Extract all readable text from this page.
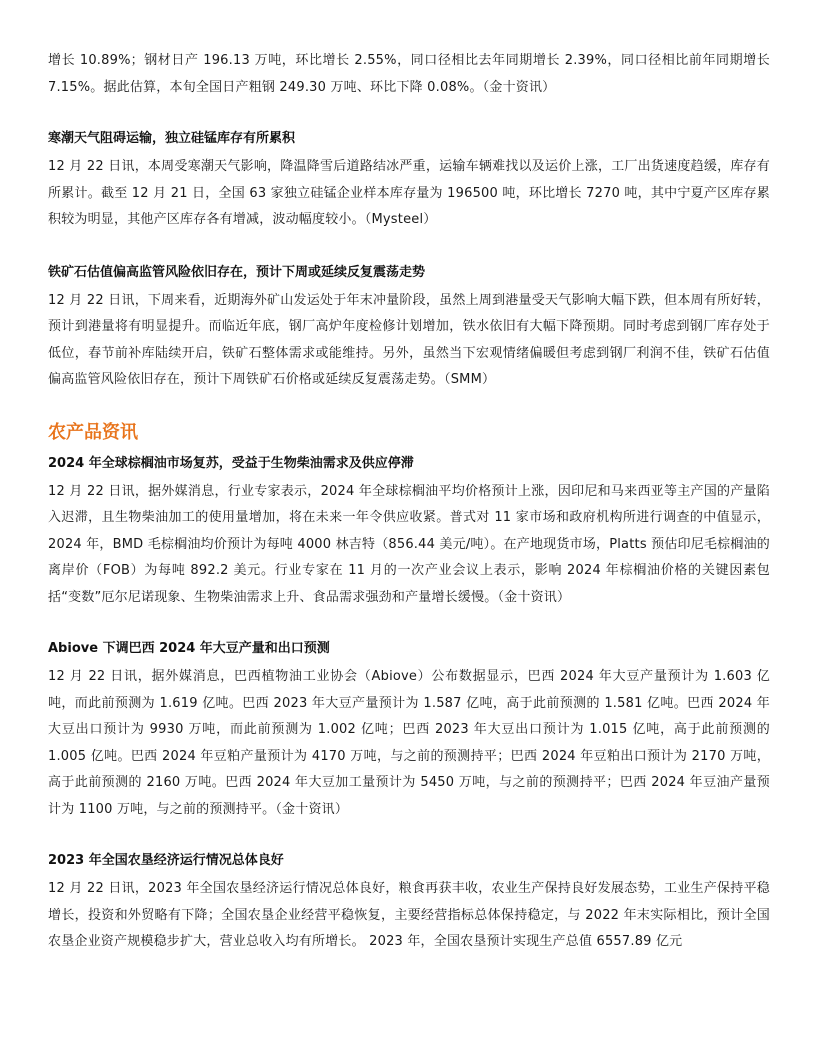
增长 10.89%；钢材日产 196.13 万吨，环比增长 2.55%，同口径相比去年同期增长 2.39%，同口径相比前年同期增长 7.15%。据此估算，本旬全国日产粗钢 249.30 万吨、环比下降 0.08%。（金十资讯）

寒潮天气阻碍运输，独立硅锰库存有所累积

12 月 22 日讯，本周受寒潮天气影响，降温降雪后道路结冰严重，运输车辆难找以及运价上涨，工厂出货速度趋缓，库存有所累计。截至 12 月 21 日，全国 63 家独立硅锰企业样本库存量为 196500 吨，环比增长 7270 吨，其中宁夏产区库存累积较为明显，其他产区库存各有增减，波动幅度较小。（Mysteel）

铁矿石估值偏高监管风险依旧存在，预计下周或延续反复震荡走势

12 月 22 日讯，下周来看，近期海外矿山发运处于年末冲量阶段，虽然上周到港量受天气影响大幅下跌，但本周有所好转，预计到港量将有明显提升。而临近年底，钢厂高炉年度检修计划增加，铁水依旧有大幅下降预期。同时考虑到钢厂库存处于低位，春节前补库陆续开启，铁矿石整体需求或能维持。另外，虽然当下宏观情绪偏暖但考虑到钢厂利润不佳，铁矿石估值偏高监管风险依旧存在，预计下周铁矿石价格或延续反复震荡走势。（SMM）

农产品资讯

2024 年全球棕榈油市场复苏，受益于生物柴油需求及供应停滞

12 月 22 日讯，据外媒消息，行业专家表示，2024 年全球棕榈油平均价格预计上涨，因印尼和马来西亚等主产国的产量陷入迟滞，且生物柴油加工的使用量增加，将在未来一年令供应收紧。普式对 11 家市场和政府机构所进行调查的中值显示，2024 年，BMD 毛棕榈油均价预计为每吨 4000 林吉特（856.44 美元/吨）。在产地现货市场，Platts 预估印尼毛棕榈油的离岸价（FOB）为每吨 892.2 美元。行业专家在 11 月的一次产业会议上表示，影响 2024 年棕榈油价格的关键因素包括“变数”厄尔尼诺现象、生物柴油需求上升、食品需求强劲和产量增长缓慢。（金十资讯）

Abiove 下调巴西 2024 年大豆产量和出口预测

12 月 22 日讯，据外媒消息，巴西植物油工业协会（Abiove）公布数据显示，巴西 2024 年大豆产量预计为 1.603 亿吨，而此前预测为 1.619 亿吨。巴西 2023 年大豆产量预计为 1.587 亿吨，高于此前预测的 1.581 亿吨。巴西 2024 年大豆出口预计为 9930 万吨，而此前预测为 1.002 亿吨；巴西 2023 年大豆出口预计为 1.015 亿吨，高于此前预测的 1.005 亿吨。巴西 2024 年豆粕产量预计为 4170 万吨，与之前的预测持平；巴西 2024 年豆粕出口预计为 2170 万吨，高于此前预测的 2160 万吨。巴西 2024 年大豆加工量预计为 5450 万吨，与之前的预测持平；巴西 2024 年豆油产量预计为 1100 万吨，与之前的预测持平。（金十资讯）

2023 年全国农垦经济运行情况总体良好

12 月 22 日讯，2023 年全国农垦经济运行情况总体良好，粮食再获丰收，农业生产保持良好发展态势，工业生产保持平稳增长，投资和外贸略有下降；全国农垦企业经营平稳恢复，主要经营指标总体保持稳定，与 2022 年末实际相比，预计全国农垦企业资产规模稳步扩大，营业总收入均有所增长。 2023 年，全国农垦预计实现生产总值 6557.89 亿元
